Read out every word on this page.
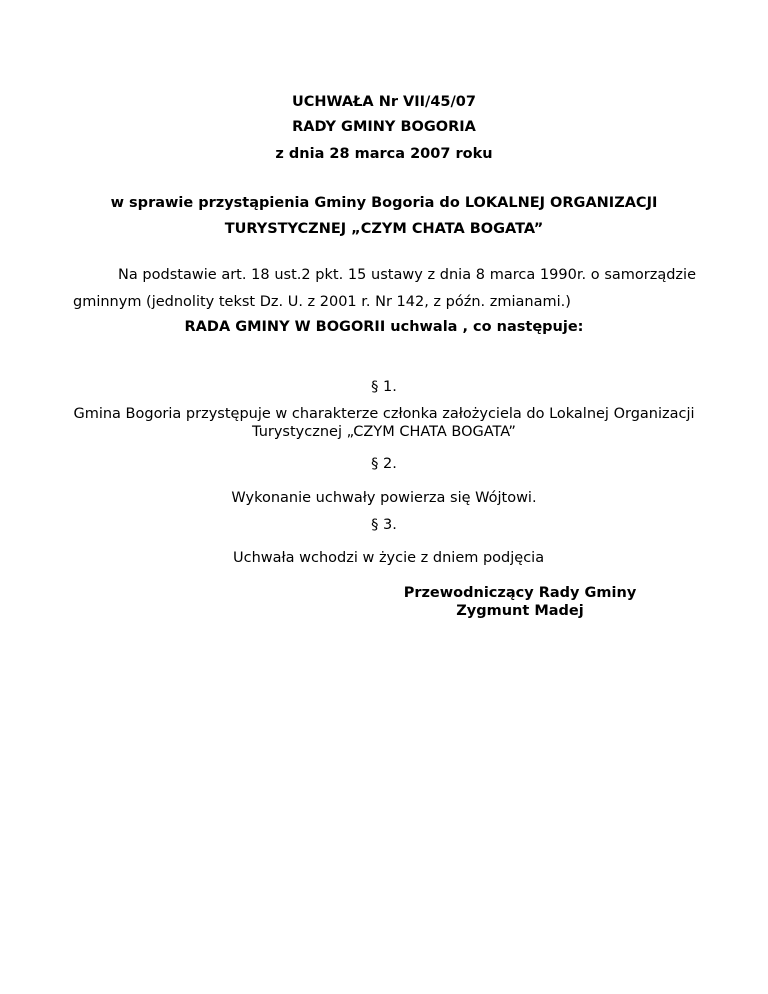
UCHWAŁA Nr VII/45/07
RADY GMINY BOGORIA
z dnia 28 marca 2007 roku
w sprawie przystąpienia Gminy Bogoria do LOKALNEJ ORGANIZACJI
TURYSTYCZNEJ „CZYM CHATA BOGATA”
Na podstawie art. 18 ust.2 pkt. 15 ustawy z dnia 8 marca 1990r. o samorządzie
gminnym (jednolity tekst Dz. U. z 2001 r. Nr 142, z późn. zmianami.)
RADA GMINY W BOGORII uchwala , co następuje:
§ 1.
Gmina Bogoria przystępuje w charakterze członka założyciela do Lokalnej Organizacji
Turystycznej „CZYM CHATA BOGATA”
§ 2.
Wykonanie uchwały powierza się Wójtowi.
§ 3.
Uchwała wchodzi w życie z dniem podjęcia
Przewodniczący Rady Gminy
Zygmunt Madej
